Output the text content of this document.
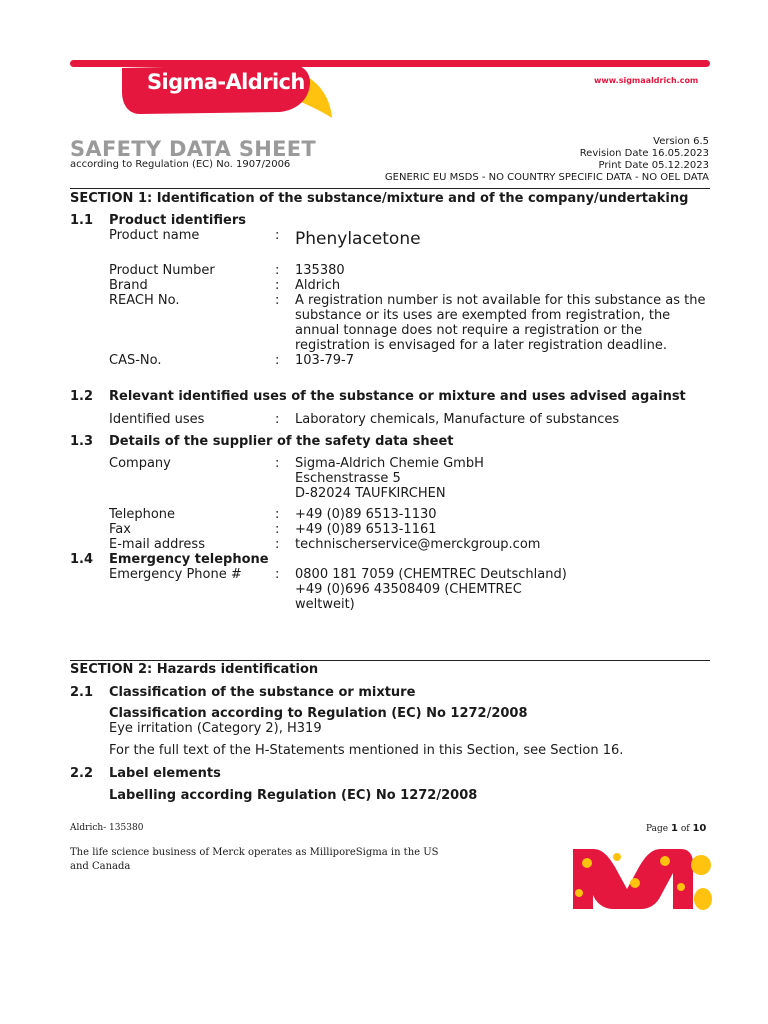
Sigma-Aldrich	www.sigmaaldrich.com
SAFETY DATA SHEET
according to Regulation (EC) No. 1907/2006
Version 6.5
Revision Date 16.05.2023
Print Date 05.12.2023
GENERIC EU MSDS - NO COUNTRY SPECIFIC DATA - NO OEL DATA
SECTION 1: Identification of the substance/mixture and of the company/undertaking
1.1 Product identifiers
Product name	: Phenylacetone
Product Number	: 135380
Brand	: Aldrich
REACH No.	: A registration number is not available for this substance as the
substance or its uses are exempted from registration, the
annual tonnage does not require a registration or the
registration is envisaged for a later registration deadline.
CAS-No.	: 103-79-7
1.2 Relevant identified uses of the substance or mixture and uses advised against
Identified uses	: Laboratory chemicals, Manufacture of substances
1.3 Details of the supplier of the safety data sheet
Company	: Sigma-Aldrich Chemie GmbH
Eschenstrasse 5
D-82024 TAUFKIRCHEN
Telephone	: +49 (0)89 6513-1130
Fax	: +49 (0)89 6513-1161
E-mail address	: technischerservice@merckgroup.com
1.4 Emergency telephone
Emergency Phone #	: 0800 181 7059 (CHEMTREC Deutschland)
+49 (0)696 43508409 (CHEMTREC
weltweit)
SECTION 2: Hazards identification
2.1 Classification of the substance or mixture
Classification according to Regulation (EC) No 1272/2008
Eye irritation (Category 2), H319
For the full text of the H-Statements mentioned in this Section, see Section 16.
2.2 Label elements
Labelling according Regulation (EC) No 1272/2008
Aldrich- 135380	Page 1 of 10
The life science business of Merck operates as MilliporeSigma in the US and Canada
